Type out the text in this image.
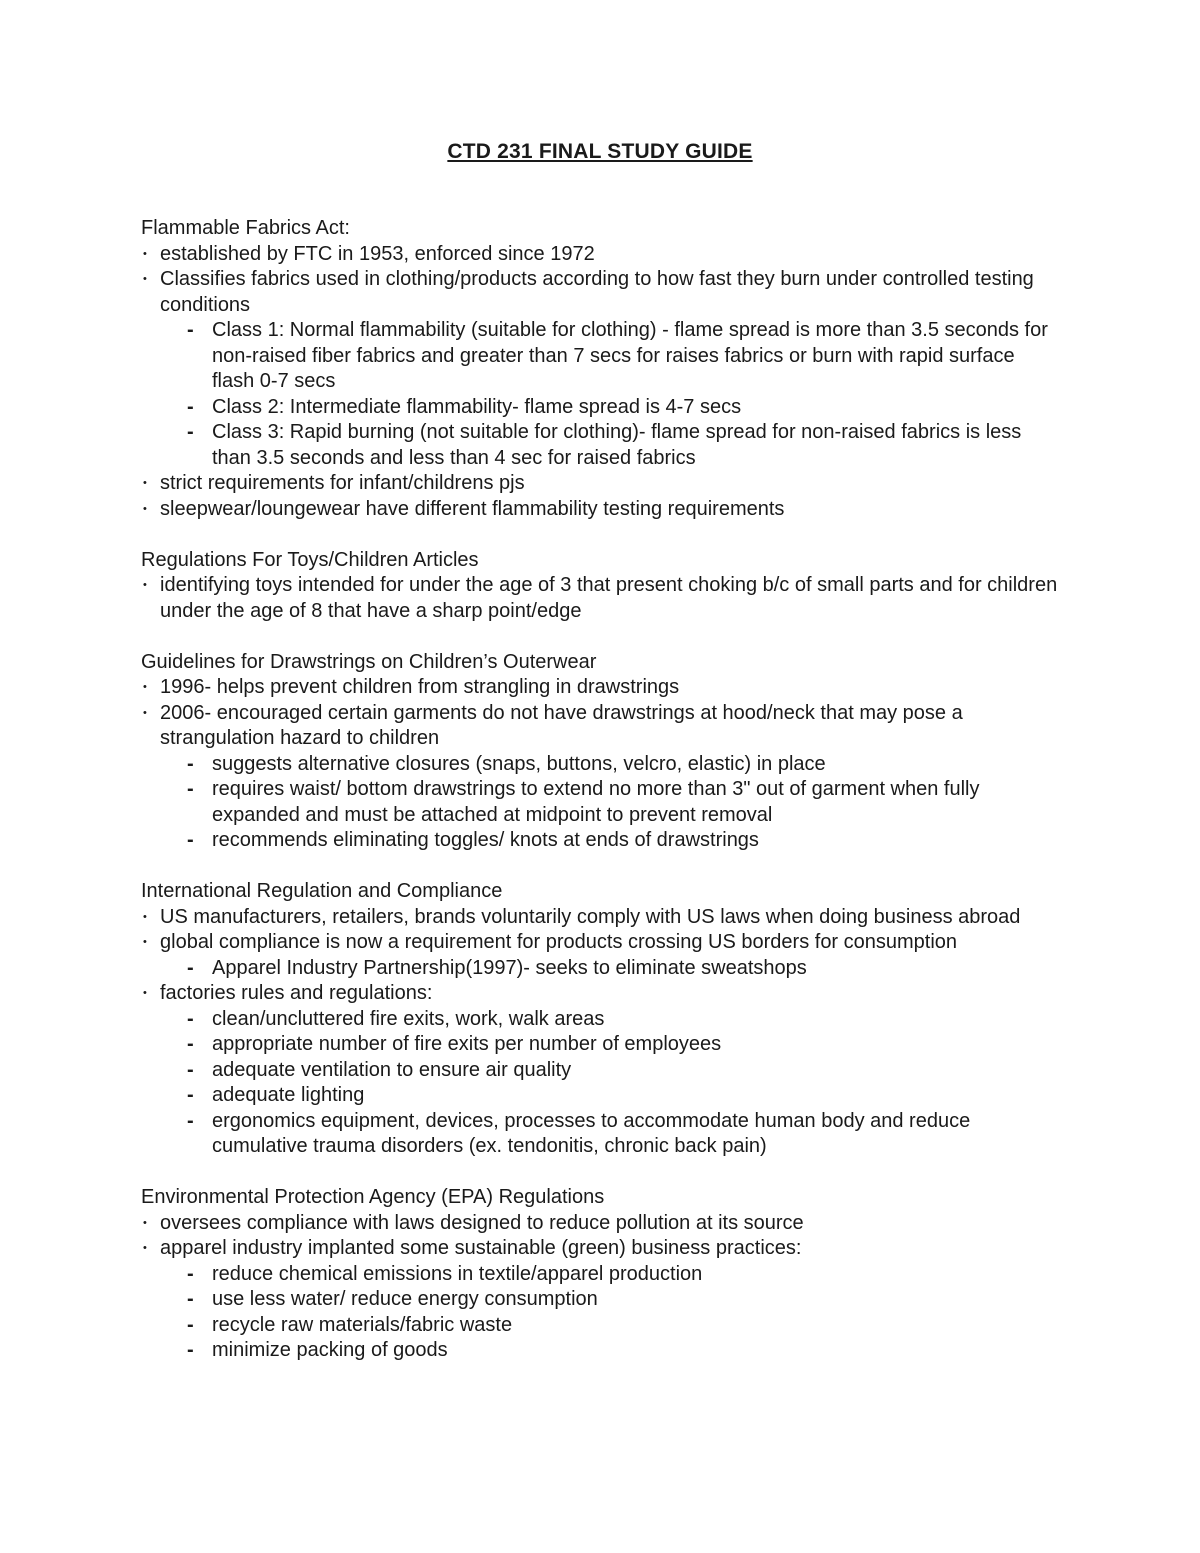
CTD 231 FINAL STUDY GUIDE
Flammable Fabrics Act:
• established by FTC in 1953, enforced since 1972
• Classifies fabrics used in clothing/products according to how fast they burn under controlled testing conditions
- Class 1: Normal flammability (suitable for clothing) - flame spread is more than 3.5 seconds for non-raised fiber fabrics and greater than 7 secs for raises fabrics or burn with rapid surface flash 0-7 secs
- Class 2: Intermediate flammability- flame spread is 4-7 secs
- Class 3: Rapid burning (not suitable for clothing)- flame spread for non-raised fabrics is less than 3.5 seconds and less than 4 sec for raised fabrics
• strict requirements for infant/childrens pjs
• sleepwear/loungewear have different flammability testing requirements
Regulations For Toys/Children Articles
• identifying toys intended for under the age of 3 that present choking b/c of small parts and for children under the age of 8 that have a sharp point/edge
Guidelines for Drawstrings on Children’s Outerwear
• 1996- helps prevent children from strangling in drawstrings
• 2006- encouraged certain garments do not have drawstrings at hood/neck that may pose a strangulation hazard to children
- suggests alternative closures (snaps, buttons, velcro, elastic) in place
- requires waist/ bottom drawstrings to extend no more than 3" out of garment when fully expanded and must be attached at midpoint to prevent removal
- recommends eliminating toggles/ knots at ends of drawstrings
International Regulation and Compliance
• US manufacturers, retailers, brands voluntarily comply with US laws when doing business abroad
• global compliance is now a requirement for products crossing US borders for consumption
- Apparel Industry Partnership(1997)- seeks to eliminate sweatshops
• factories rules and regulations:
- clean/uncluttered fire exits, work, walk areas
- appropriate number of fire exits per number of employees
- adequate ventilation to ensure air quality
- adequate lighting
- ergonomics equipment, devices, processes to accommodate human body and reduce cumulative trauma disorders (ex. tendonitis, chronic back pain)
Environmental Protection Agency (EPA) Regulations
• oversees compliance with laws designed to reduce pollution at its source
• apparel industry implanted some sustainable (green) business practices:
- reduce chemical emissions in textile/apparel production
- use less water/ reduce energy consumption
- recycle raw materials/fabric waste
- minimize packing of goods
